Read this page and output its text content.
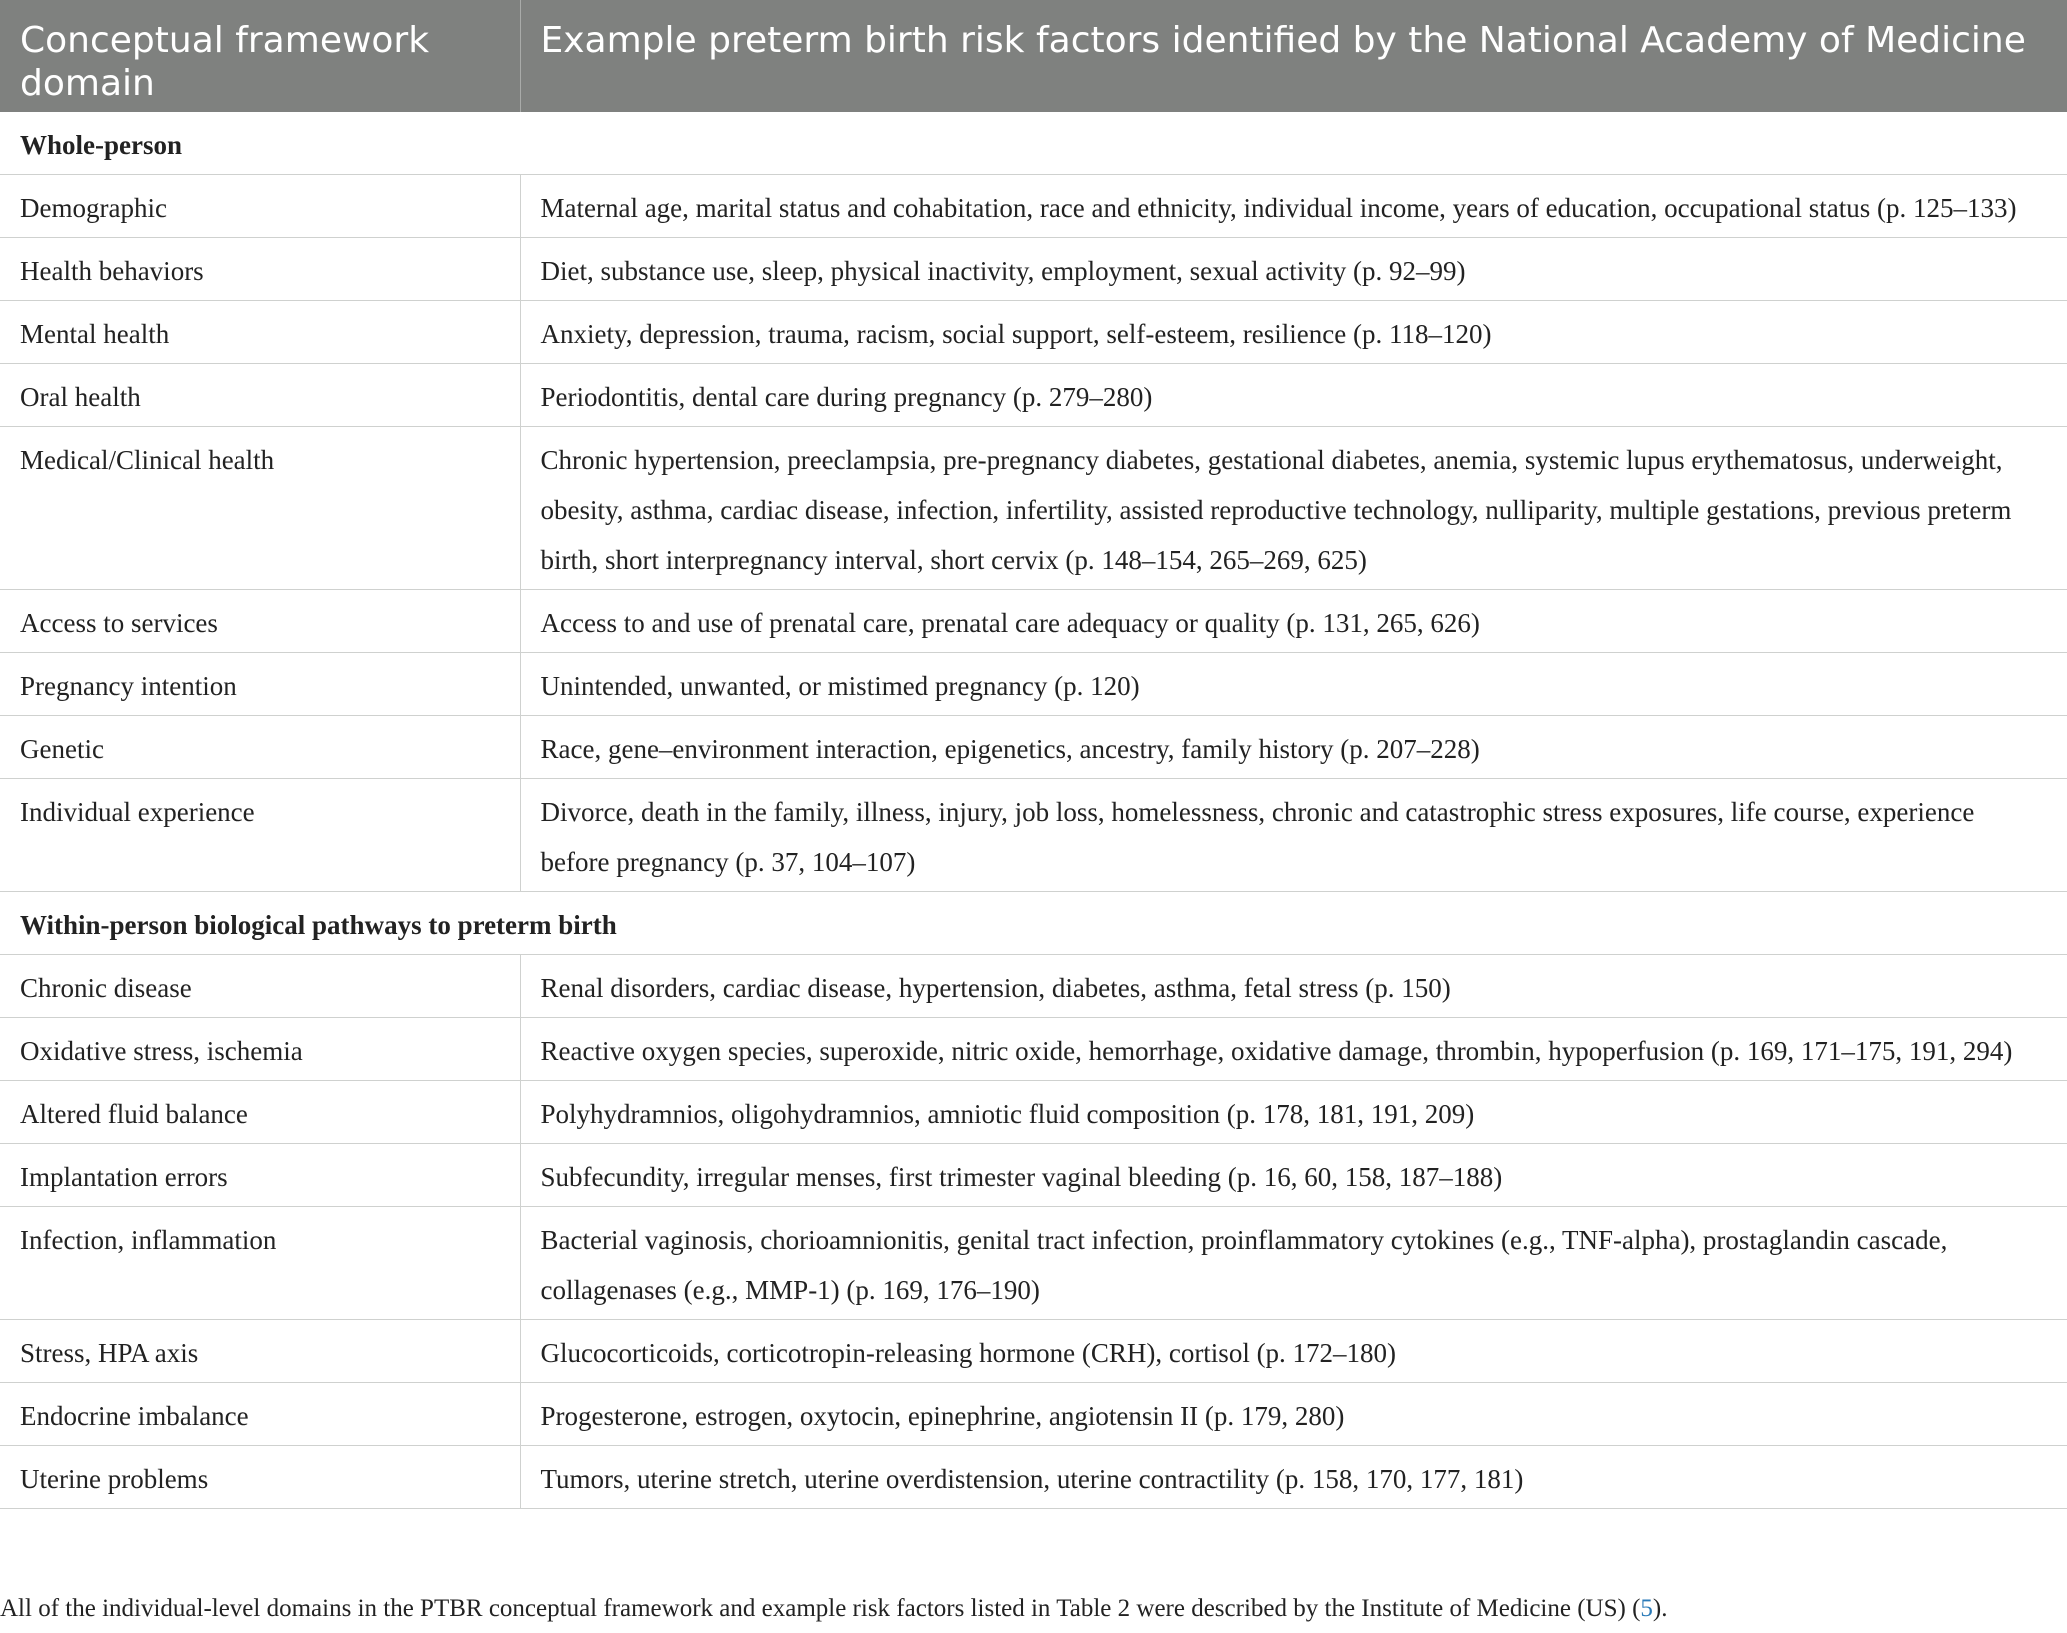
Conceptual framework domain	Example preterm birth risk factors identified by the National Academy of Medicine
Whole-person	
Demographic	Maternal age, marital status and cohabitation, race and ethnicity, individual income, years of education, occupational status (p. 125–133)
Health behaviors	Diet, substance use, sleep, physical inactivity, employment, sexual activity (p. 92–99)
Mental health	Anxiety, depression, trauma, racism, social support, self-esteem, resilience (p. 118–120)
Oral health	Periodontitis, dental care during pregnancy (p. 279–280)
Medical/Clinical health	Chronic hypertension, preeclampsia, pre-pregnancy diabetes, gestational diabetes, anemia, systemic lupus erythematosus, underweight, obesity, asthma, cardiac disease, infection, infertility, assisted reproductive technology, nulliparity, multiple gestations, previous preterm birth, short interpregnancy interval, short cervix (p. 148–154, 265–269, 625)
Access to services	Access to and use of prenatal care, prenatal care adequacy or quality (p. 131, 265, 626)
Pregnancy intention	Unintended, unwanted, or mistimed pregnancy (p. 120)
Genetic	Race, gene–environment interaction, epigenetics, ancestry, family history (p. 207–228)
Individual experience	Divorce, death in the family, illness, injury, job loss, homelessness, chronic and catastrophic stress exposures, life course, experience before pregnancy (p. 37, 104–107)
Within-person biological pathways to preterm birth	
Chronic disease	Renal disorders, cardiac disease, hypertension, diabetes, asthma, fetal stress (p. 150)
Oxidative stress, ischemia	Reactive oxygen species, superoxide, nitric oxide, hemorrhage, oxidative damage, thrombin, hypoperfusion (p. 169, 171–175, 191, 294)
Altered fluid balance	Polyhydramnios, oligohydramnios, amniotic fluid composition (p. 178, 181, 191, 209)
Implantation errors	Subfecundity, irregular menses, first trimester vaginal bleeding (p. 16, 60, 158, 187–188)
Infection, inflammation	Bacterial vaginosis, chorioamnionitis, genital tract infection, proinflammatory cytokines (e.g., TNF-alpha), prostaglandin cascade, collagenases (e.g., MMP-1) (p. 169, 176–190)
Stress, HPA axis	Glucocorticoids, corticotropin-releasing hormone (CRH), cortisol (p. 172–180)
Endocrine imbalance	Progesterone, estrogen, oxytocin, epinephrine, angiotensin II (p. 179, 280)
Uterine problems	Tumors, uterine stretch, uterine overdistension, uterine contractility (p. 158, 170, 177, 181)
All of the individual-level domains in the PTBR conceptual framework and example risk factors listed in Table 2 were described by the Institute of Medicine (US) (5).
